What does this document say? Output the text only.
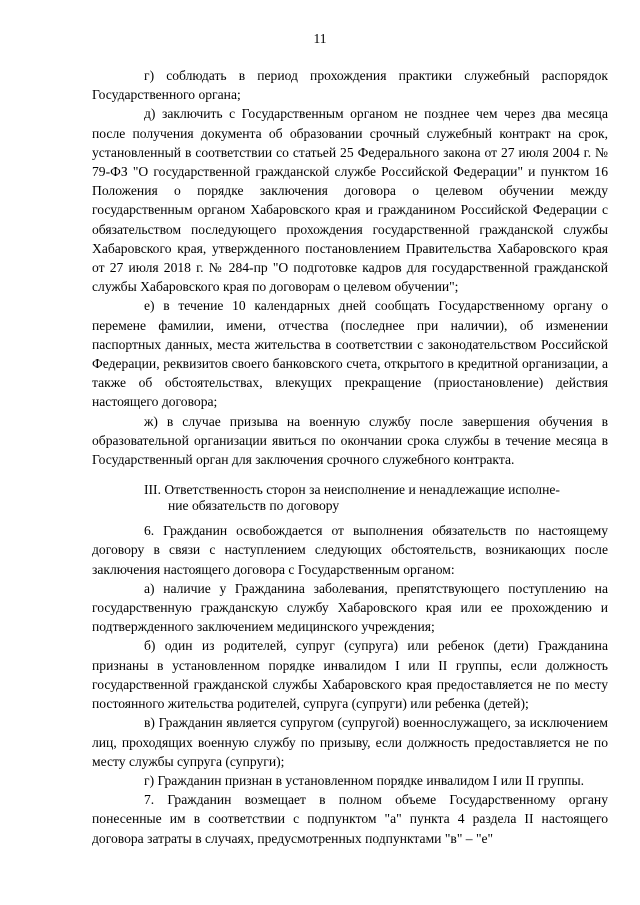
11

г) соблюдать в период прохождения практики служебный распорядок Государственного органа;

д) заключить с Государственным органом не позднее чем через два месяца после получения документа об образовании срочный служебный контракт на срок, установленный в соответствии со статьей 25 Федерального закона от 27 июля 2004 г. № 79-ФЗ "О государственной гражданской службе Российской Федерации" и пунктом 16 Положения о порядке заключения договора о целевом обучении между государственным органом Хабаровского края и гражданином Российской Федерации с обязательством последующего прохождения государственной гражданской службы Хабаровского края, утвержденного постановлением Правительства Хабаровского края от 27 июля 2018 г. № 284-пр "О подготовке кадров для государственной гражданской службы Хабаровского края по договорам о целевом обучении";

е) в течение 10 календарных дней сообщать Государственному органу о перемене фамилии, имени, отчества (последнее при наличии), об изменении паспортных данных, места жительства в соответствии с законодательством Российской Федерации, реквизитов своего банковского счета, открытого в кредитной организации, а также об обстоятельствах, влекущих прекращение (приостановление) действия настоящего договора;

ж) в случае призыва на военную службу после завершения обучения в образовательной организации явиться по окончании срока службы в течение месяца в Государственный орган для заключения срочного служебного контракта.

III. Ответственность сторон за неисполнение и ненадлежащие исполне-
ние обязательств по договору

6. Гражданин освобождается от выполнения обязательств по настоящему договору в связи с наступлением следующих обстоятельств, возникающих после заключения настоящего договора с Государственным органом:

а) наличие у Гражданина заболевания, препятствующего поступлению на государственную гражданскую службу Хабаровского края или ее прохождению и подтвержденного заключением медицинского учреждения;

б) один из родителей, супруг (супруга) или ребенок (дети) Гражданина признаны в установленном порядке инвалидом I или II группы, если должность государственной гражданской службы Хабаровского края предоставляется не по месту постоянного жительства родителей, супруга (супруги) или ребенка (детей);

в) Гражданин является супругом (супругой) военнослужащего, за исключением лиц, проходящих военную службу по призыву, если должность предоставляется не по месту службы супруга (супруги);

г) Гражданин признан в установленном порядке инвалидом I или II группы.

7. Гражданин возмещает в полном объеме Государственному органу понесенные им в соответствии с подпунктом "а" пункта 4 раздела II настоящего договора затраты в случаях, предусмотренных подпунктами "в" – "е"
